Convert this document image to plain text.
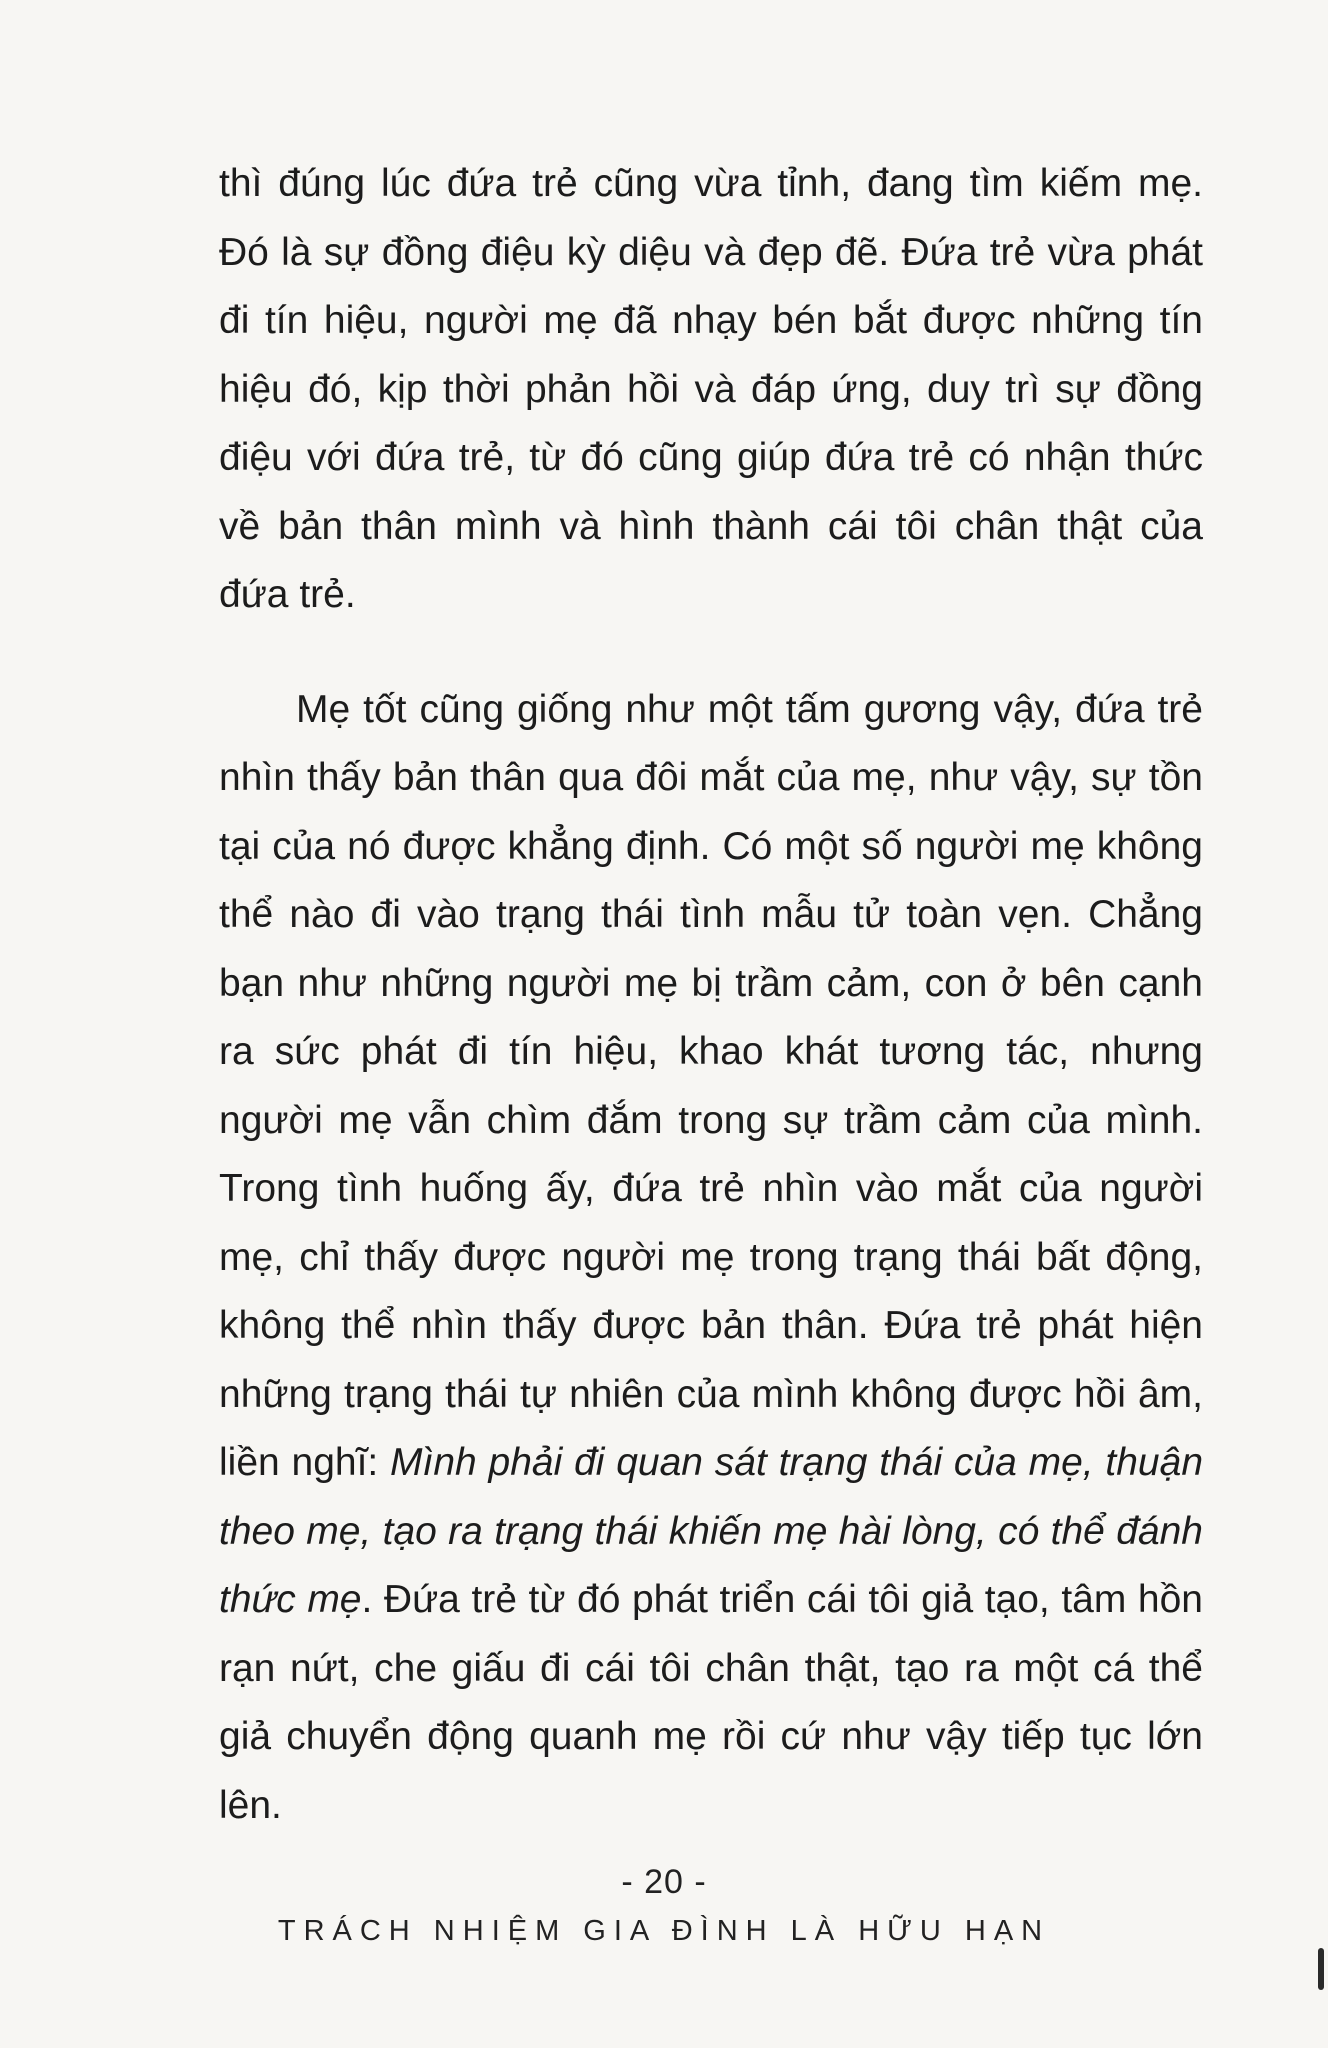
thì đúng lúc đứa trẻ cũng vừa tỉnh, đang tìm kiếm mẹ. Đó là sự đồng điệu kỳ diệu và đẹp đẽ. Đứa trẻ vừa phát đi tín hiệu, người mẹ đã nhạy bén bắt được những tín hiệu đó, kịp thời phản hồi và đáp ứng, duy trì sự đồng điệu với đứa trẻ, từ đó cũng giúp đứa trẻ có nhận thức về bản thân mình và hình thành cái tôi chân thật của đứa trẻ.

Mẹ tốt cũng giống như một tấm gương vậy, đứa trẻ nhìn thấy bản thân qua đôi mắt của mẹ, như vậy, sự tồn tại của nó được khẳng định. Có một số người mẹ không thể nào đi vào trạng thái tình mẫu tử toàn vẹn. Chẳng bạn như những người mẹ bị trầm cảm, con ở bên cạnh ra sức phát đi tín hiệu, khao khát tương tác, nhưng người mẹ vẫn chìm đắm trong sự trầm cảm của mình. Trong tình huống ấy, đứa trẻ nhìn vào mắt của người mẹ, chỉ thấy được người mẹ trong trạng thái bất động, không thể nhìn thấy được bản thân. Đứa trẻ phát hiện những trạng thái tự nhiên của mình không được hồi âm, liền nghĩ: Mình phải đi quan sát trạng thái của mẹ, thuận theo mẹ, tạo ra trạng thái khiến mẹ hài lòng, có thể đánh thức mẹ. Đứa trẻ từ đó phát triển cái tôi giả tạo, tâm hồn rạn nứt, che giấu đi cái tôi chân thật, tạo ra một cá thể giả chuyển động quanh mẹ rồi cứ như vậy tiếp tục lớn lên.

- 20 -
TRÁCH NHIỆM GIA ĐÌNH LÀ HỮU HẠN
